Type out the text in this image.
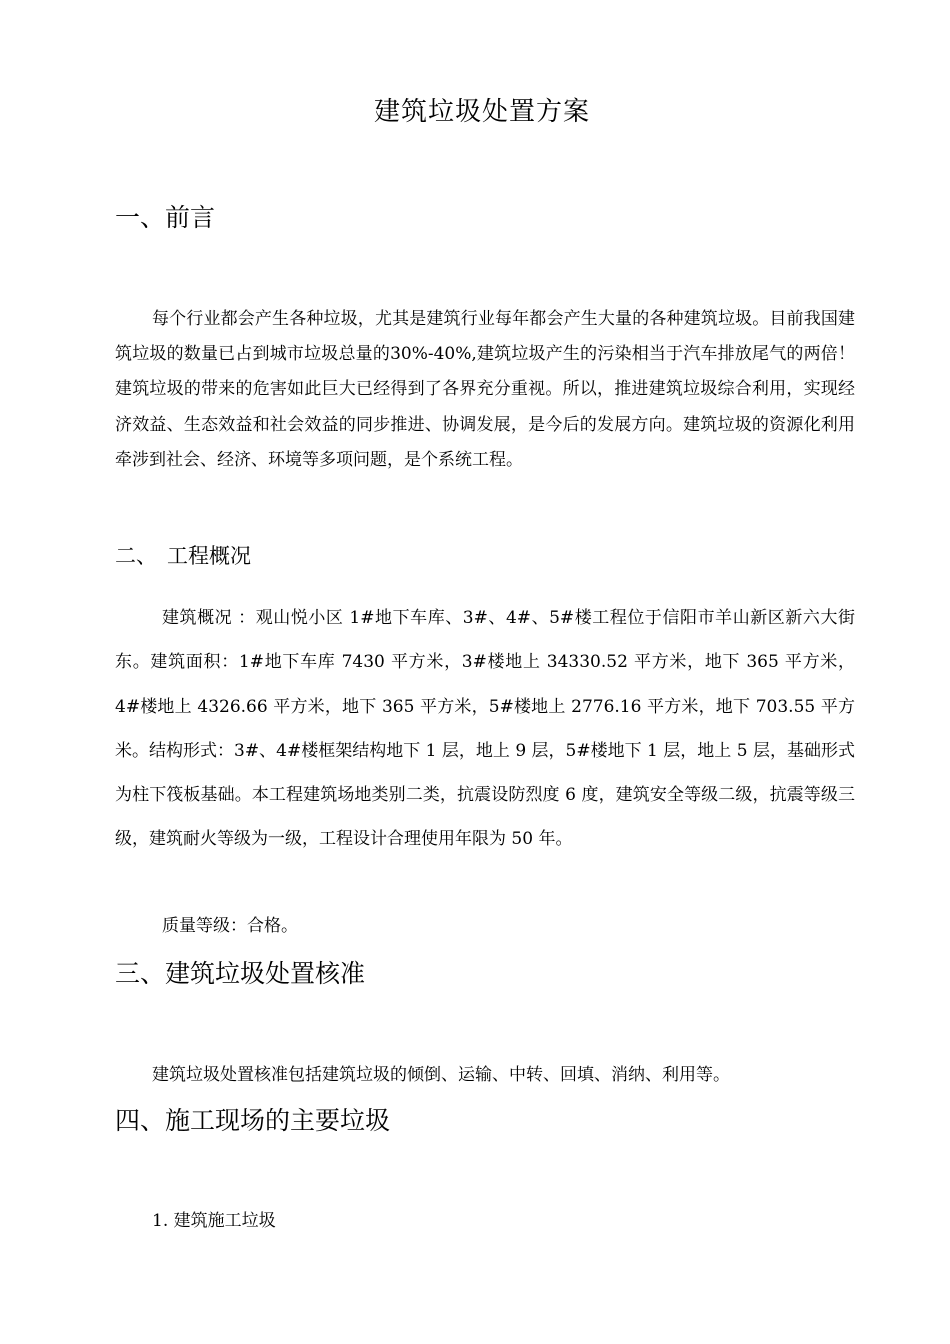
建筑垃圾处置方案
一、前言
每个行业都会产生各种垃圾，尤其是建筑行业每年都会产生大量的各种建筑垃圾。目前我国建筑垃圾的数量已占到城市垃圾总量的30%-40%,建筑垃圾产生的污染相当于汽车排放尾气的两倍！建筑垃圾的带来的危害如此巨大已经得到了各界充分重视。所以，推进建筑垃圾综合利用，实现经济效益、生态效益和社会效益的同步推进、协调发展，是今后的发展方向。建筑垃圾的资源化利用牵涉到社会、经济、环境等多项问题，是个系统工程。
二、 工程概况
建筑概况 ：观山悦小区 1#地下车库、3#、4#、5#楼工程位于信阳市羊山新区新六大街东。建筑面积：1#地下车库 7430 平方米，3#楼地上 34330.52 平方米，地下 365 平方米，4#楼地上 4326.66 平方米，地下 365 平方米，5#楼地上 2776.16 平方米，地下 703.55 平方米。结构形式：3#、4#楼框架结构地下 1 层，地上 9 层，5#楼地下 1 层，地上 5 层，基础形式为柱下筏板基础。本工程建筑场地类别二类，抗震设防烈度 6 度，建筑安全等级二级，抗震等级三级，建筑耐火等级为一级，工程设计合理使用年限为 50 年。
质量等级：合格。
三、建筑垃圾处置核准
建筑垃圾处置核准包括建筑垃圾的倾倒、运输、中转、回填、消纳、利用等。
四、施工现场的主要垃圾
1. 建筑施工垃圾
